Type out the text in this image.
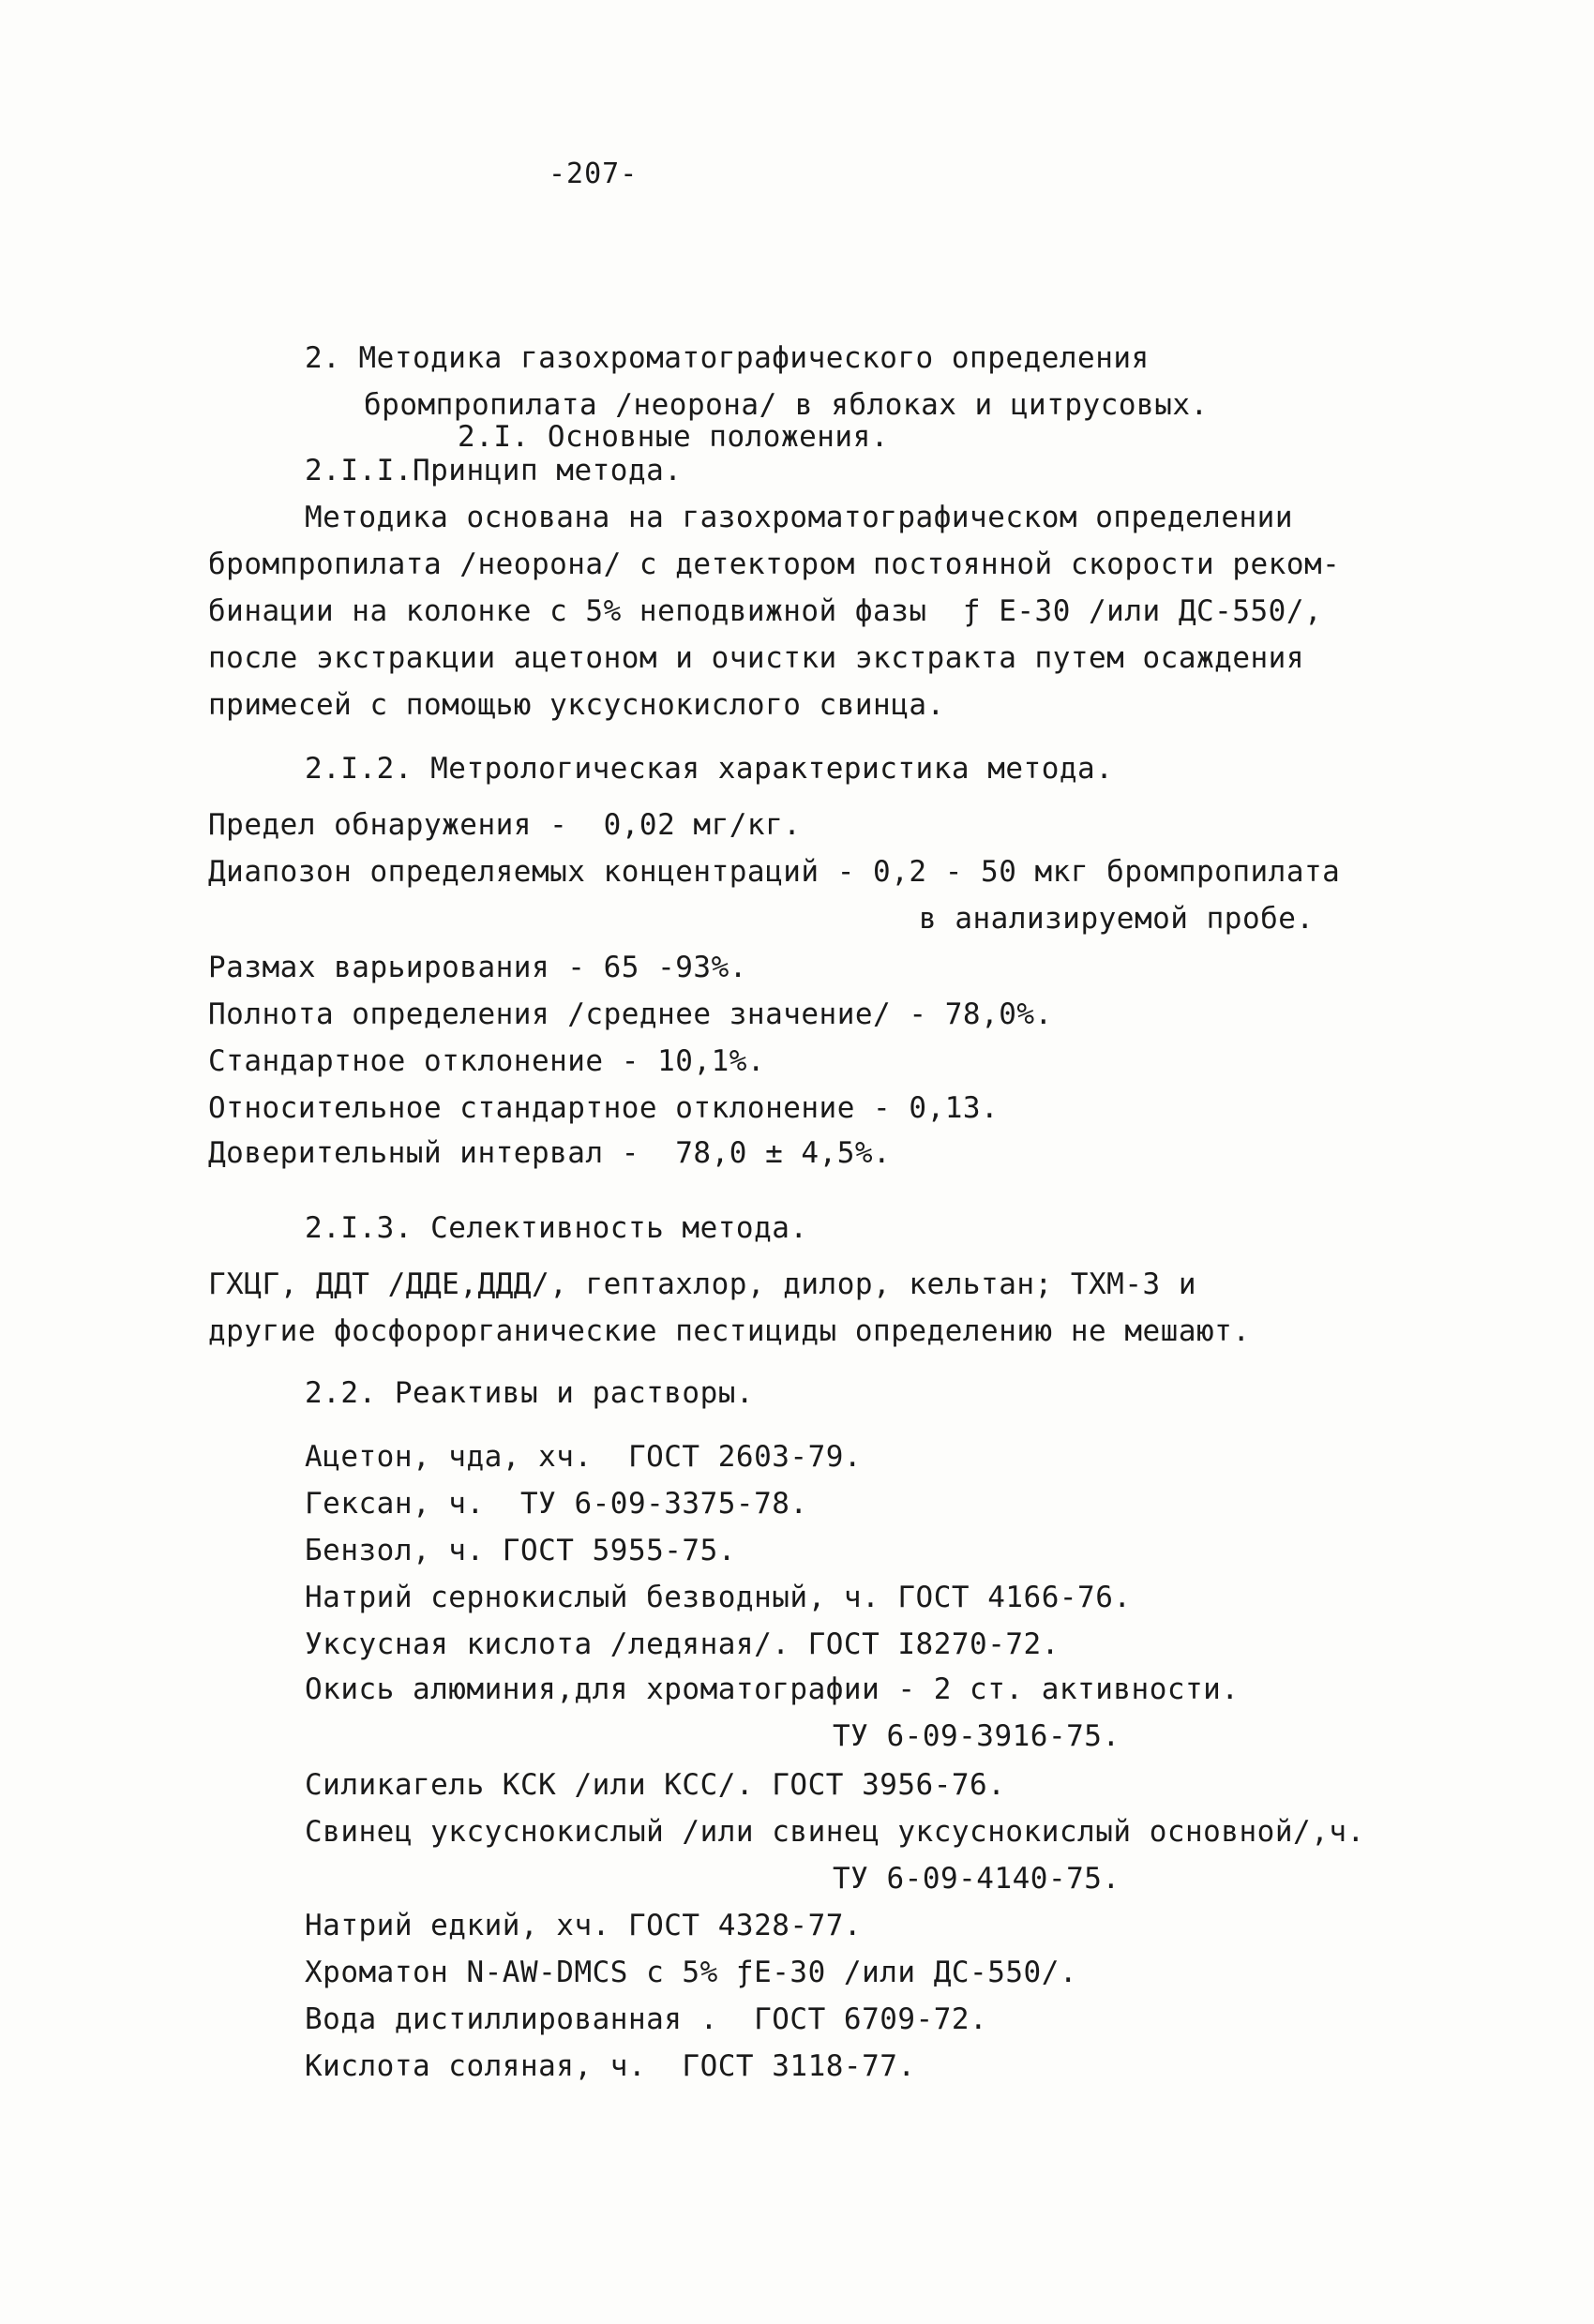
-207-
2. Методика газохроматографического определения
бромпропилата /неорона/ в яблоках и цитрусовых.
2.I. Основные положения.
2.I.I.Принцип метода.
Методика основана на газохроматографическом определении
бромпропилата /неорона/ с детектором постоянной скорости реком-
бинации на колонке с 5% неподвижной фазы  ƒ Е-30 /или ДС-550/,
после экстракции ацетоном и очистки экстракта путем осаждения
примесей с помощью уксуснокислого свинца.
2.I.2. Метрологическая характеристика метода.
Предел обнаружения -  0,02 мг/кг.
Диапозон определяемых концентраций - 0,2 - 50 мкг бромпропилата
в анализируемой пробе.
Размах варьирования - 65 -93%.
Полнота определения /среднее значение/ - 78,0%.
Стандартное отклонение - 10,1%.
Относительное стандартное отклонение - 0,13.
Доверительный интервал -  78,0 ± 4,5%.
2.I.3. Селективность метода.
ГХЦГ, ДДТ /ДДЕ,ДДД/, гептахлор, дилор, кельтан; ТХМ-3 и
другие фосфорорганические пестициды определению не мешают.
2.2. Реактивы и растворы.
Ацетон, чда, хч.  ГОСТ 2603-79.
Гексан, ч.  ТУ 6-09-3375-78.
Бензол, ч. ГОСТ 5955-75.
Натрий сернокислый безводный, ч. ГОСТ 4166-76.
Уксусная кислота /ледяная/. ГОСТ I8270-72.
Окись алюминия,для хроматографии - 2 ст. активности.
ТУ 6-09-3916-75.
Силикагель КСК /или КСС/. ГОСТ 3956-76.
Свинец уксуснокислый /или свинец уксуснокислый основной/,ч.
ТУ 6-09-4140-75.
Натрий едкий, хч. ГОСТ 4328-77.
Хроматон N-AW-DMCS с 5% ƒЕ-30 /или ДС-550/.
Вода дистиллированная .  ГОСТ 6709-72.
Кислота соляная, ч.  ГОСТ 3118-77.
